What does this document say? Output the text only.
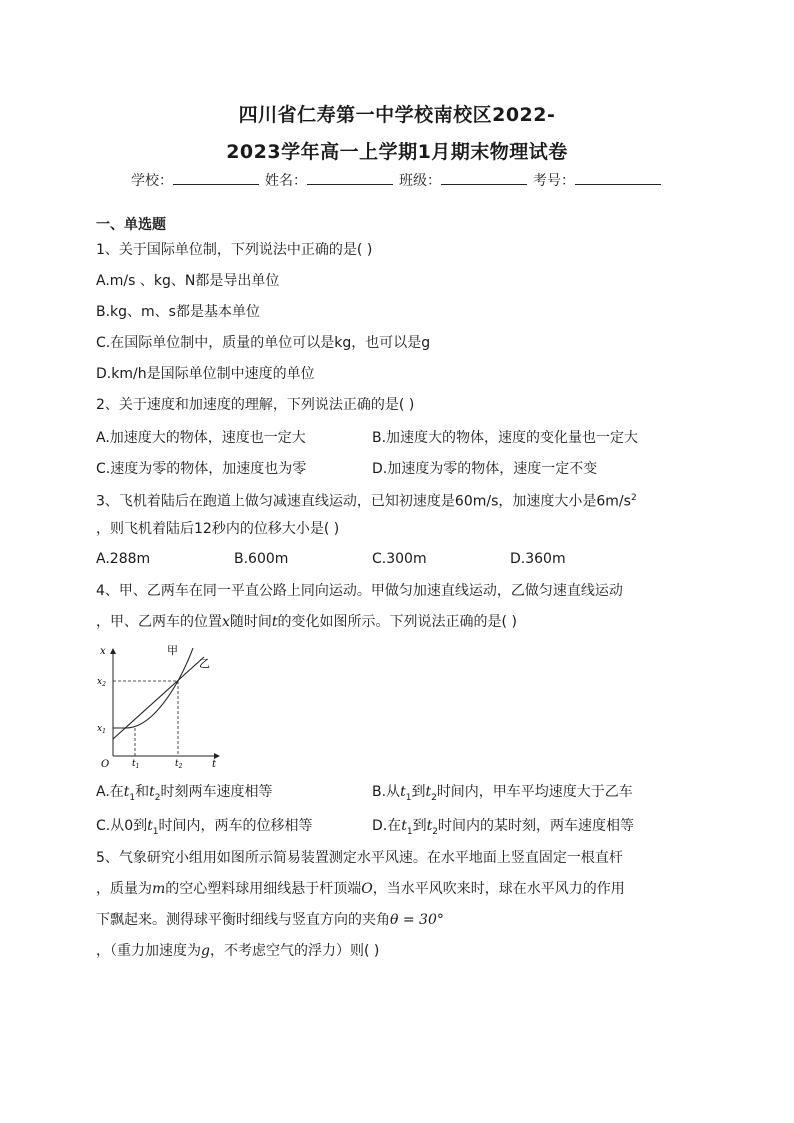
四川省仁寿第一中学校南校区2022-
2023学年高一上学期1月期末物理试卷
学校：	姓名：	班级：	考号：
一、单选题
1、关于国际单位制，下列说法中正确的是( )
A.m/s 、kg、N都是导出单位
B.kg、m、s都是基本单位
C.在国际单位制中，质量的单位可以是kg，也可以是g
D.km/h是国际单位制中速度的单位
2、关于速度和加速度的理解，下列说法正确的是( )
A.加速度大的物体，速度也一定大	B.加速度大的物体，速度的变化量也一定大
C.速度为零的物体，加速度也为零	D.加速度为零的物体，速度一定不变
3、飞机着陆后在跑道上做匀减速直线运动，已知初速度是60m/s，加速度大小是$6m/s^2$
，则飞机着陆后12秒内的位移大小是( )
A.288m	B.600m	C.300m	D.360m
4、甲、乙两车在同一平直公路上同向运动。甲做匀加速直线运动，乙做匀速直线运动
，甲、乙两车的位置x随时间t的变化如图所示。下列说法正确的是( )
甲
乙
x
t
O
$x_2$
$x_1$
$t_1$	$t_2$
A.在$t_1$和$t_2$时刻两车速度相等	B.从$t_1$到$t_2$时间内，甲车平均速度大于乙车
C.从0到$t_1$时间内，两车的位移相等	D.在$t_1$到$t_2$时间内的某时刻，两车速度相等
5、气象研究小组用如图所示简易装置测定水平风速。在水平地面上竖直固定一根直杆
，质量为m的空心塑料球用细线悬于杆顶端O，当水平风吹来时，球在水平风力的作用
下飘起来。测得球平衡时细线与竖直方向的夹角θ = 30°
，（重力加速度为g，不考虑空气的浮力）则( )
